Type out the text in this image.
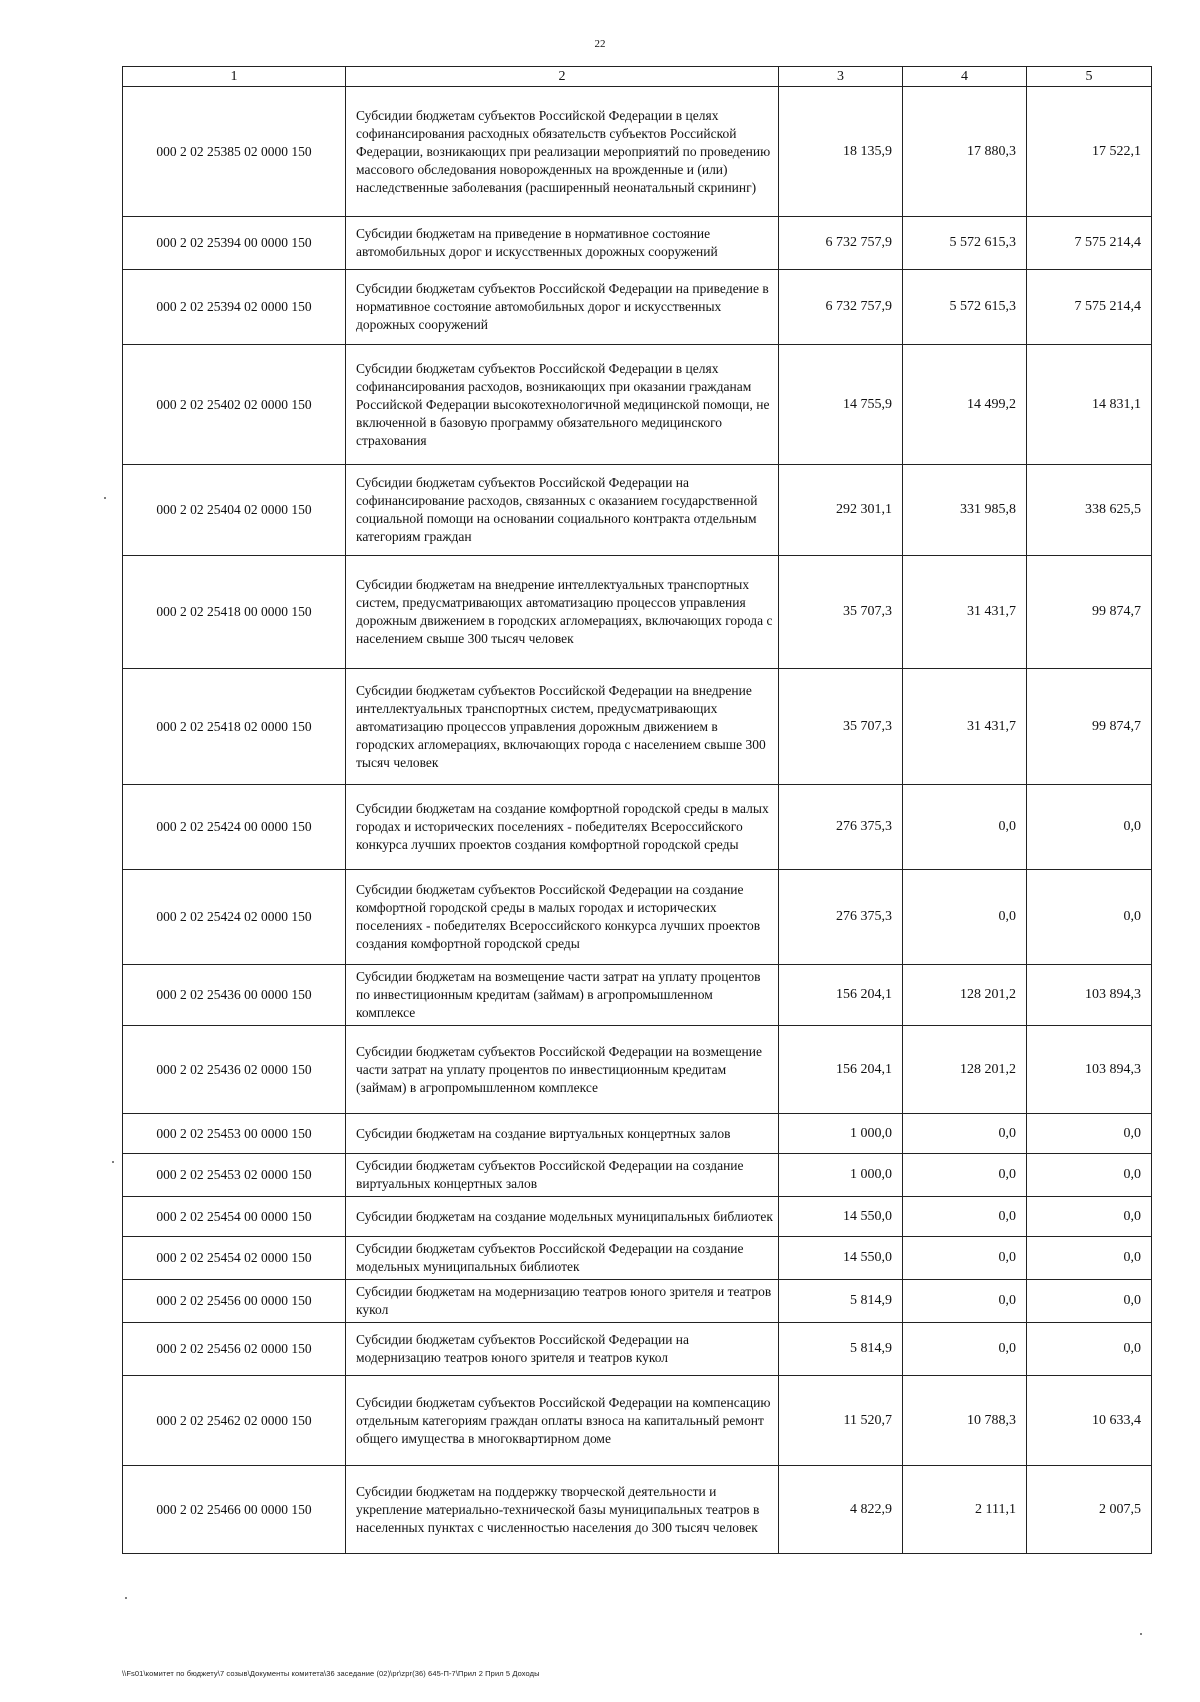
22
1	2	3	4	5
000 2 02 25385 02 0000 150	Субсидии бюджетам субъектов Российской Федерации в целях софинансирования расходных обязательств субъектов Российской Федерации, возникающих при реализации мероприятий по проведению массового обследования новорожденных на врожденные и (или) наследственные заболевания (расширенный неонатальный скрининг)	18 135,9	17 880,3	17 522,1
000 2 02 25394 00 0000 150	Субсидии бюджетам на приведение в нормативное состояние автомобильных дорог и искусственных дорожных сооружений	6 732 757,9	5 572 615,3	7 575 214,4
000 2 02 25394 02 0000 150	Субсидии бюджетам субъектов Российской Федерации на приведение в нормативное состояние автомобильных дорог и искусственных дорожных сооружений	6 732 757,9	5 572 615,3	7 575 214,4
000 2 02 25402 02 0000 150	Субсидии бюджетам субъектов Российской Федерации в целях софинансирования расходов, возникающих при оказании гражданам Российской Федерации высокотехнологичной медицинской помощи, не включенной в базовую программу обязательного медицинского страхования	14 755,9	14 499,2	14 831,1
000 2 02 25404 02 0000 150	Субсидии бюджетам субъектов Российской Федерации на софинансирование расходов, связанных с оказанием государственной социальной помощи на основании социального контракта отдельным категориям граждан	292 301,1	331 985,8	338 625,5
000 2 02 25418 00 0000 150	Субсидии бюджетам на внедрение интеллектуальных транспортных систем, предусматривающих автоматизацию процессов управления дорожным движением в городских агломерациях, включающих города с населением свыше 300 тысяч человек	35 707,3	31 431,7	99 874,7
000 2 02 25418 02 0000 150	Субсидии бюджетам субъектов Российской Федерации на внедрение интеллектуальных транспортных систем, предусматривающих автоматизацию процессов управления дорожным движением в городских агломерациях, включающих города с населением свыше 300 тысяч человек	35 707,3	31 431,7	99 874,7
000 2 02 25424 00 0000 150	Субсидии бюджетам на создание комфортной городской среды в малых городах и исторических поселениях - победителях Всероссийского конкурса лучших проектов создания комфортной городской среды	276 375,3	0,0	0,0
000 2 02 25424 02 0000 150	Субсидии бюджетам субъектов Российской Федерации на создание комфортной городской среды в малых городах и исторических поселениях - победителях Всероссийского конкурса лучших проектов создания комфортной городской среды	276 375,3	0,0	0,0
000 2 02 25436 00 0000 150	Субсидии бюджетам на возмещение части затрат на уплату процентов по инвестиционным кредитам (займам) в агропромышленном комплексе	156 204,1	128 201,2	103 894,3
000 2 02 25436 02 0000 150	Субсидии бюджетам субъектов Российской Федерации на возмещение части затрат на уплату процентов по инвестиционным кредитам (займам) в агропромышленном комплексе	156 204,1	128 201,2	103 894,3
000 2 02 25453 00 0000 150	Субсидии бюджетам на создание виртуальных концертных залов	1 000,0	0,0	0,0
000 2 02 25453 02 0000 150	Субсидии бюджетам субъектов Российской Федерации на создание виртуальных концертных залов	1 000,0	0,0	0,0
000 2 02 25454 00 0000 150	Субсидии бюджетам на создание модельных муниципальных библиотек	14 550,0	0,0	0,0
000 2 02 25454 02 0000 150	Субсидии бюджетам субъектов Российской Федерации на создание модельных муниципальных библиотек	14 550,0	0,0	0,0
000 2 02 25456 00 0000 150	Субсидии бюджетам на модернизацию театров юного зрителя и театров кукол	5 814,9	0,0	0,0
000 2 02 25456 02 0000 150	Субсидии бюджетам субъектов Российской Федерации на модернизацию театров юного зрителя и театров кукол	5 814,9	0,0	0,0
000 2 02 25462 02 0000 150	Субсидии бюджетам субъектов Российской Федерации на компенсацию отдельным категориям граждан оплаты взноса на капитальный ремонт общего имущества в многоквартирном доме	11 520,7	10 788,3	10 633,4
000 2 02 25466 00 0000 150	Субсидии бюджетам на поддержку творческой деятельности и укрепление материально-технической базы муниципальных театров в населенных пунктах с численностью населения до 300 тысяч человек	4 822,9	2 111,1	2 007,5
\\Fs01\комитет по бюджету\7 созыв\Документы комитета\36 заседание (02)\pr\zpr(36) 645-П-7\Прил 2 Прил 5 Доходы
